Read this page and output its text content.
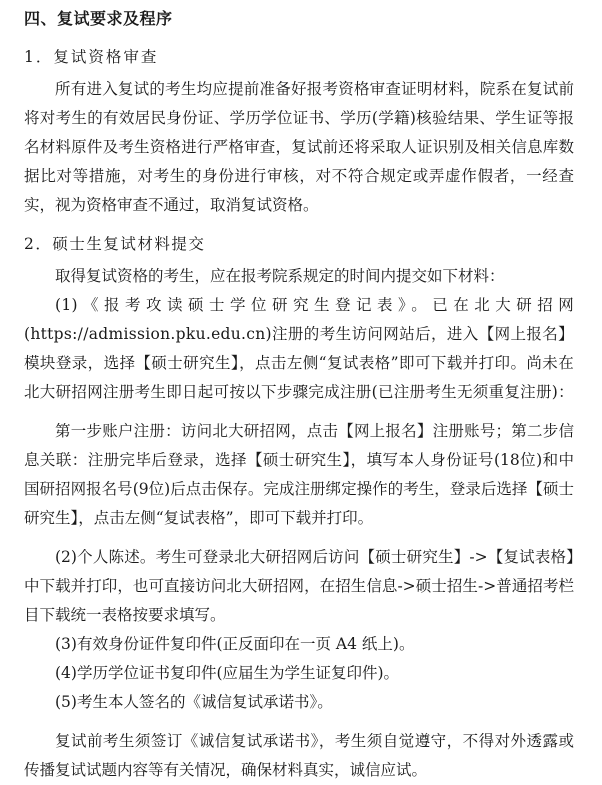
四、复试要求及程序
1．复试资格审查

所有进入复试的考生均应提前准备好报考资格审查证明材料，院系在复试前将对考生的有效居民身份证、学历学位证书、学历(学籍)核验结果、学生证等报名材料原件及考生资格进行严格审查，复试前还将采取人证识别及相关信息库数据比对等措施，对考生的身份进行审核，对不符合规定或弄虚作假者，一经查实，视为资格审查不通过，取消复试资格。

2．硕士生复试材料提交

取得复试资格的考生，应在报考院系规定的时间内提交如下材料：

(1)《报考攻读硕士学位研究生登记表》。已在北大研招网(https://admission.pku.edu.cn)注册的考生访问网站后，进入【网上报名】模块登录，选择【硕士研究生】，点击左侧“复试表格”即可下载并打印。尚未在北大研招网注册考生即日起可按以下步骤完成注册(已注册考生无须重复注册)：

第一步账户注册：访问北大研招网，点击【网上报名】注册账号；第二步信息关联：注册完毕后登录，选择【硕士研究生】，填写本人身份证号(18位)和中国研招网报名号(9位)后点击保存。完成注册绑定操作的考生，登录后选择【硕士研究生】，点击左侧“复试表格”，即可下载并打印。

(2)个人陈述。考生可登录北大研招网后访问【硕士研究生】->【复试表格】中下载并打印，也可直接访问北大研招网，在招生信息->硕士招生->普通招考栏目下载统一表格按要求填写。

(3)有效身份证件复印件(正反面印在一页 A4 纸上)。

(4)学历学位证书复印件(应届生为学生证复印件)。

(5)考生本人签名的《诚信复试承诺书》。

复试前考生须签订《诚信复试承诺书》，考生须自觉遵守，不得对外透露或传播复试试题内容等有关情况，确保材料真实，诚信应试。
